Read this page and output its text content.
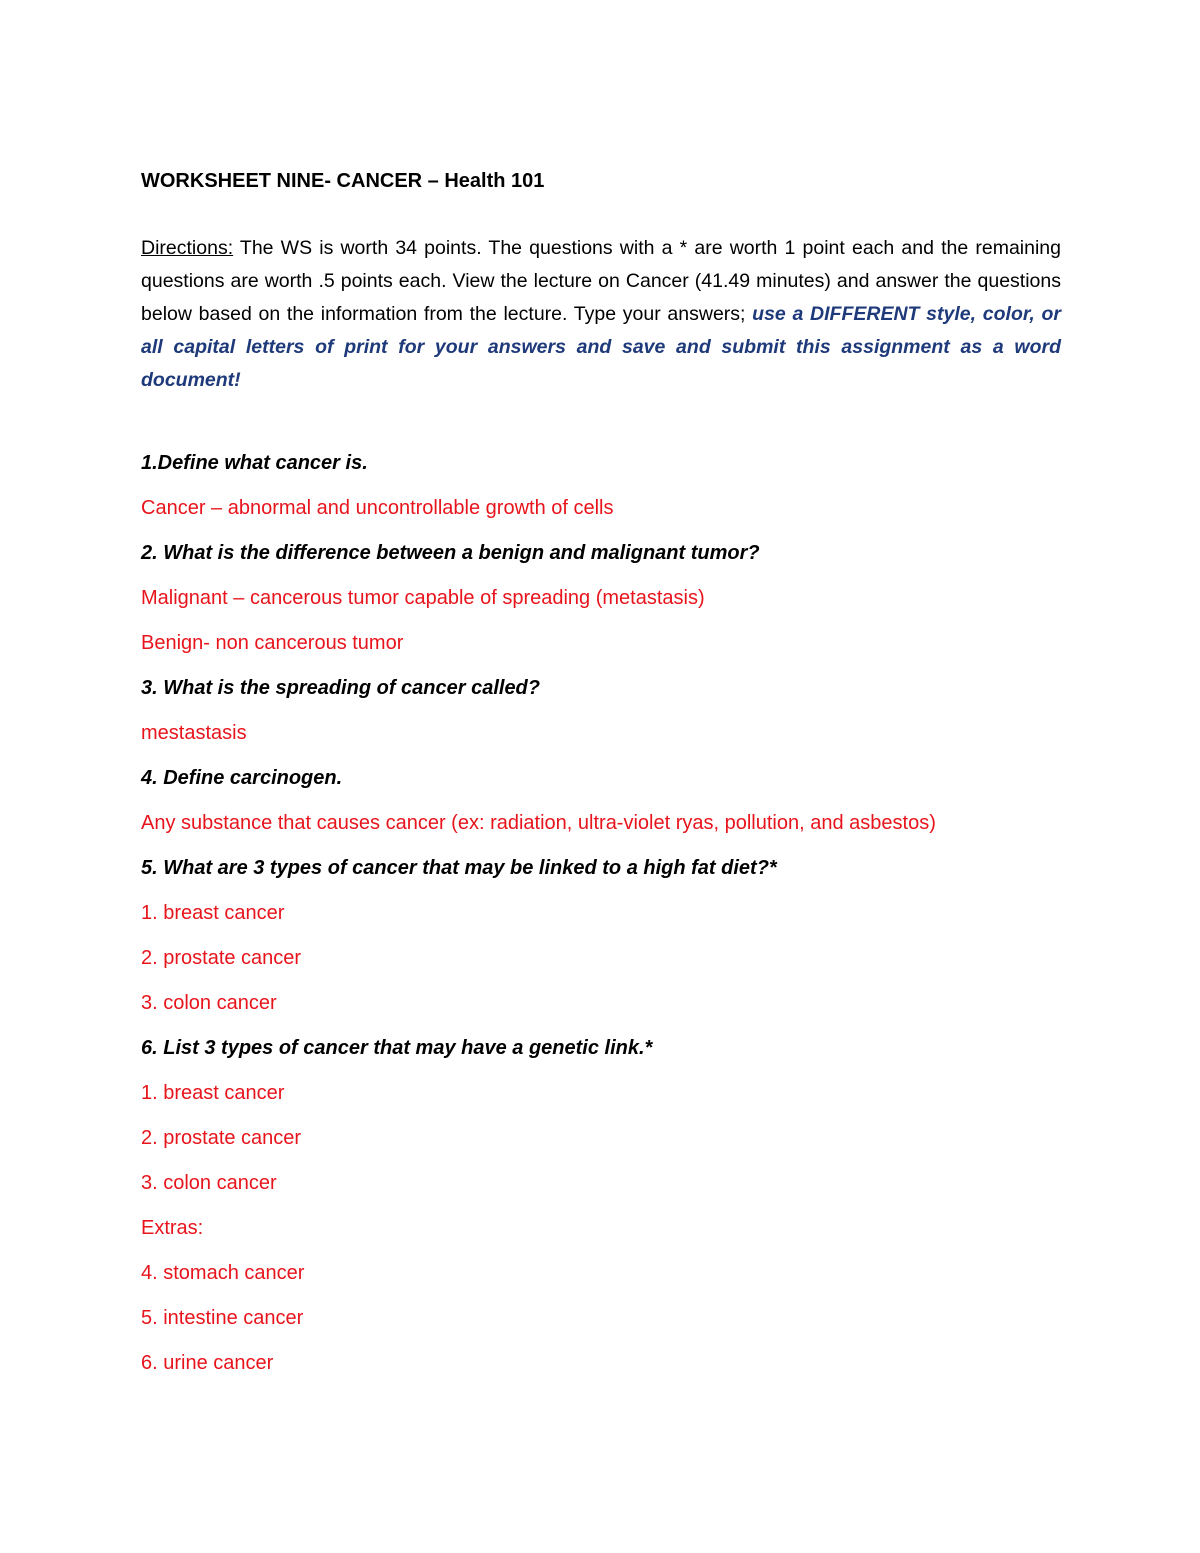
WORKSHEET NINE- CANCER – Health 101

Directions: The WS is worth 34 points. The questions with a * are worth 1 point each and the remaining questions are worth .5 points each. View the lecture on Cancer (41.49 minutes) and answer the questions below based on the information from the lecture. Type your answers; use a DIFFERENT style, color, or all capital letters of print for your answers and save and submit this assignment as a word document!
1.Define what cancer is.
Cancer – abnormal and uncontrollable growth of cells
2. What is the difference between a benign and malignant tumor?
Malignant – cancerous tumor capable of spreading (metastasis)
Benign- non cancerous tumor
3. What is the spreading of cancer called?
mestastasis
4. Define carcinogen.
Any substance that causes cancer (ex: radiation, ultra-violet ryas, pollution, and asbestos)
5. What are 3 types of cancer that may be linked to a high fat diet?*
1. breast cancer
2. prostate cancer
3. colon cancer
6. List 3 types of cancer that may have a genetic link.*
1. breast cancer
2. prostate cancer
3. colon cancer
Extras:
4. stomach cancer
5. intestine cancer
6. urine cancer
